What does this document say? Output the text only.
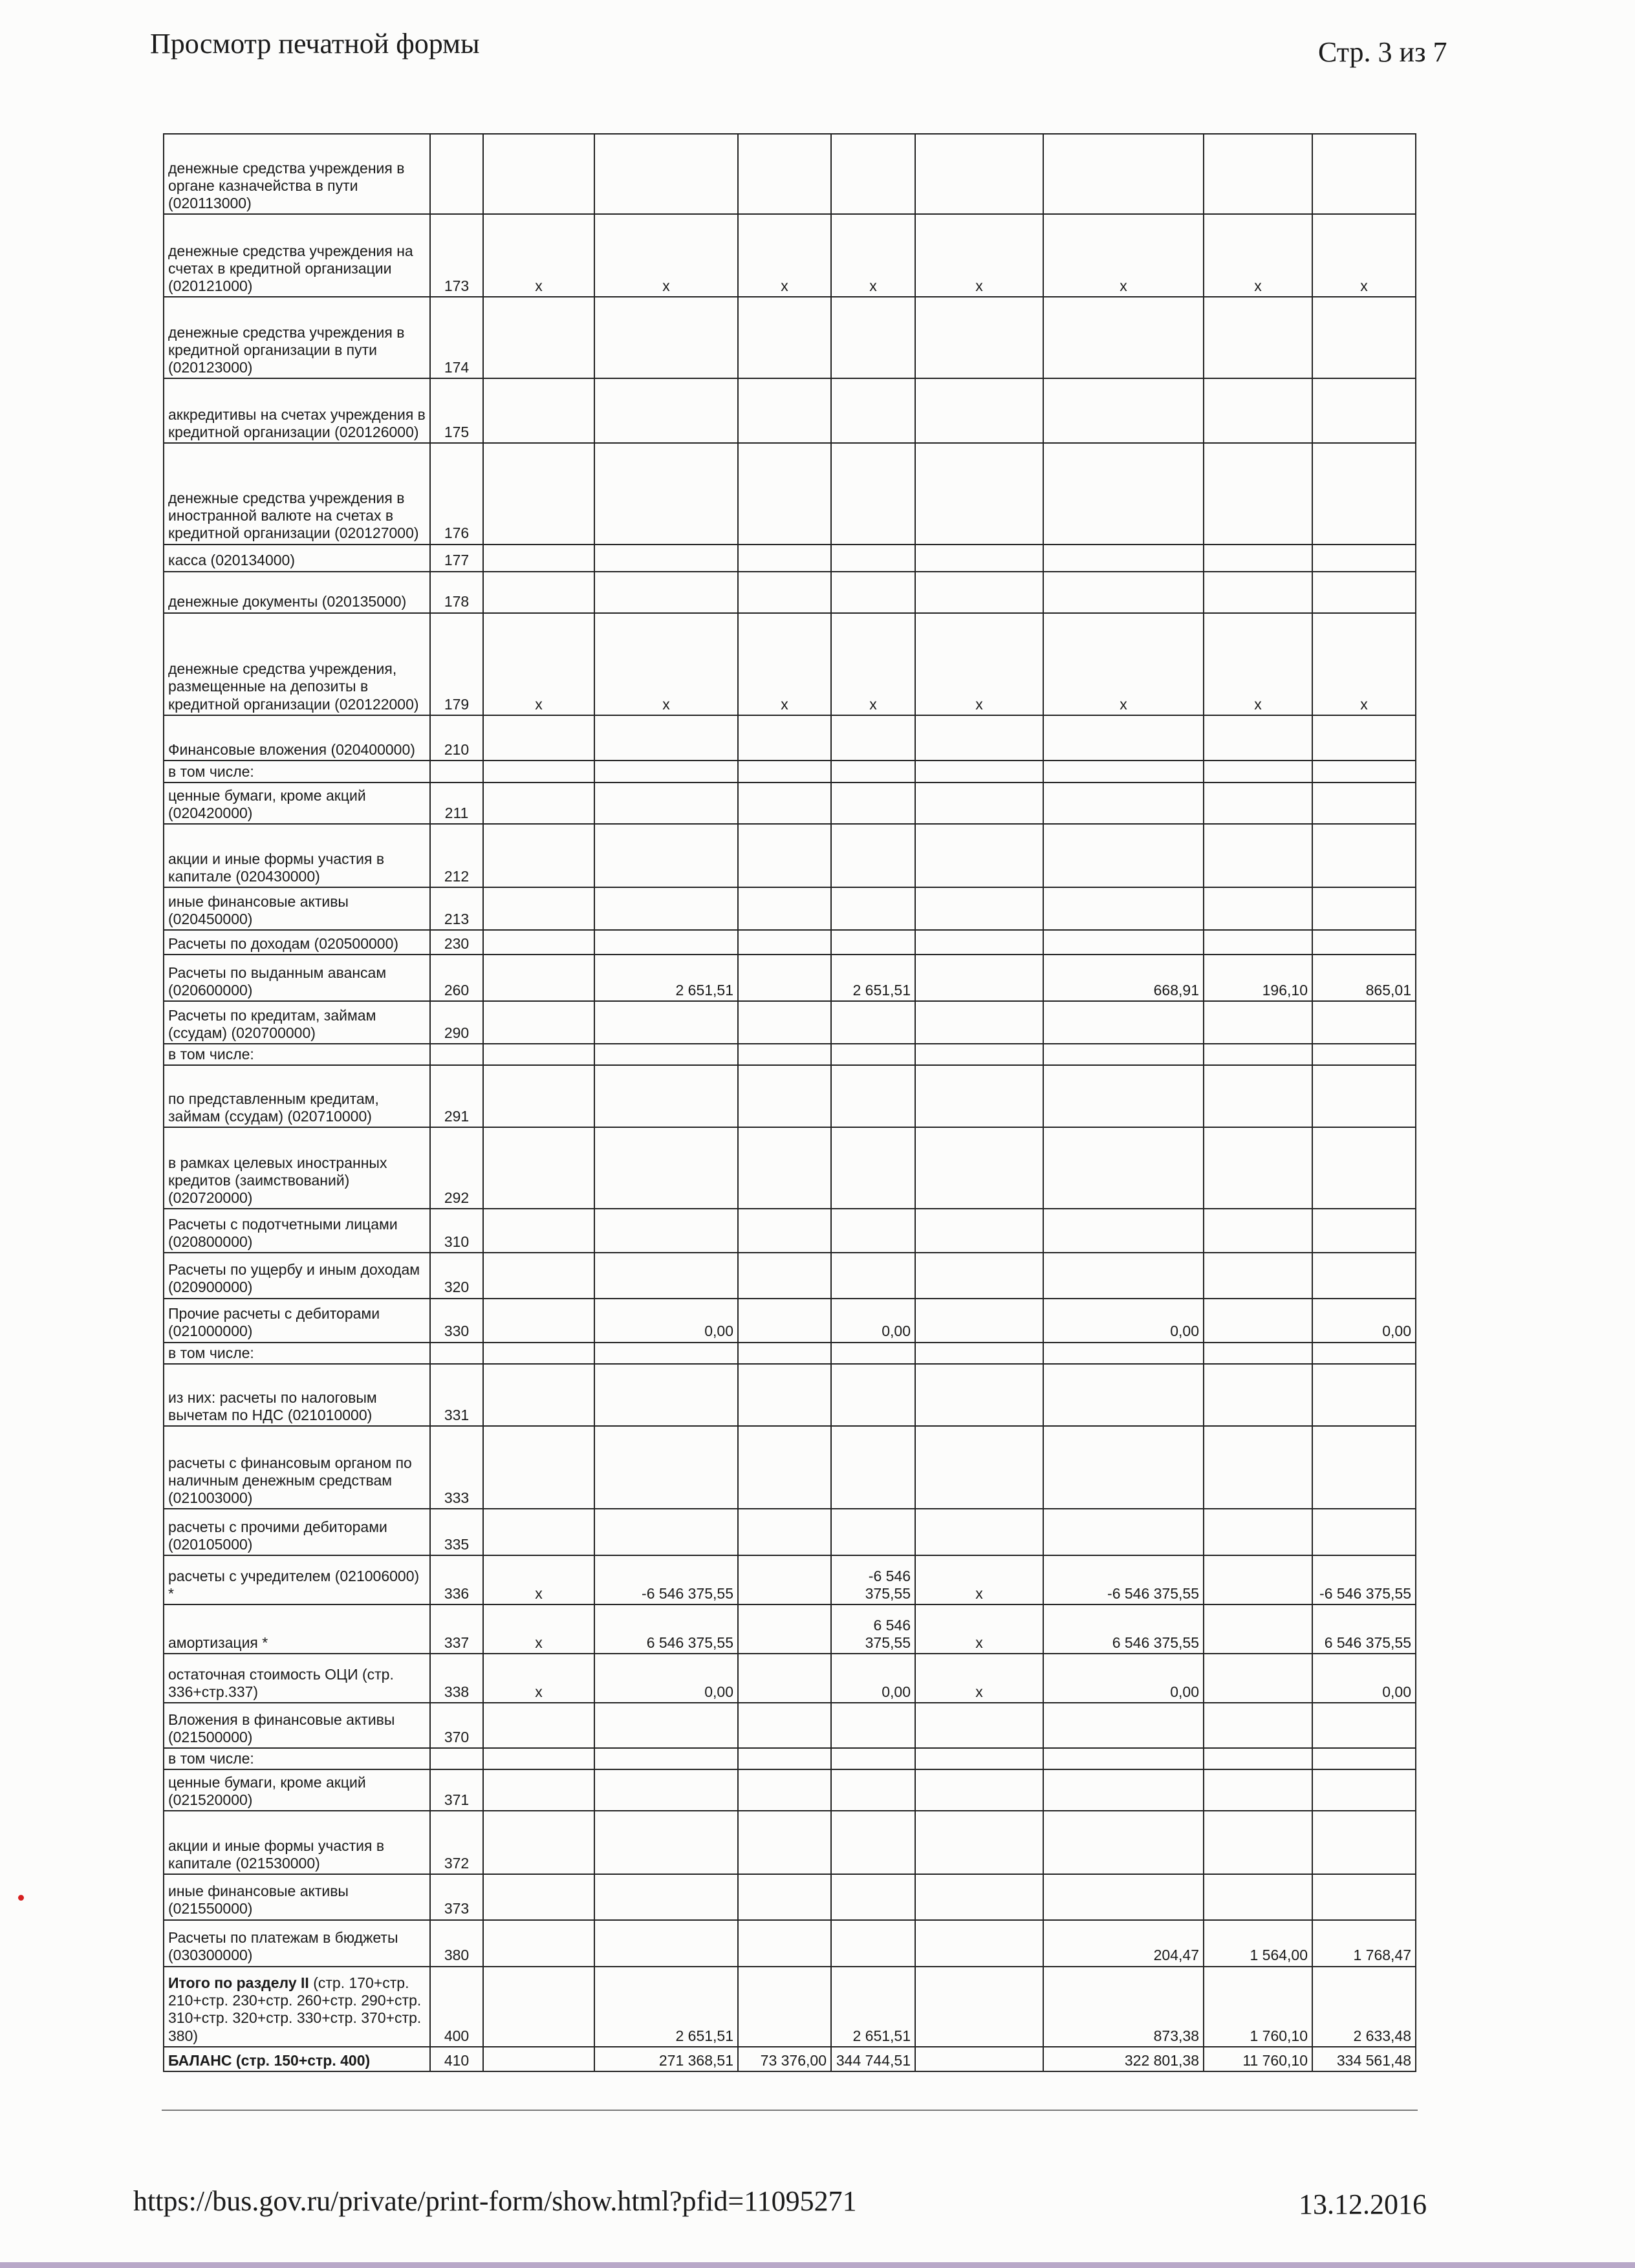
Просмотр печатной формы	Стр. 3 из 7
денежные средства учреждения в органе казначейства в пути (020113000)									
денежные средства учреждения на счетах в кредитной организации (020121000)	173	x	x	x	x	x	x	x	x
денежные средства учреждения в кредитной организации в пути (020123000)	174								
аккредитивы на счетах учреждения в кредитной организации (020126000)	175								
денежные средства учреждения в иностранной валюте на счетах в кредитной организации (020127000)	176								
касса (020134000)	177								
денежные документы (020135000)	178								
денежные средства учреждения, размещенные на депозиты в кредитной организации (020122000)	179	x	x	x	x	x	x	x	x
Финансовые вложения (020400000)	210								
в том числе:									
ценные бумаги, кроме акций (020420000)	211								
акции и иные формы участия в капитале (020430000)	212								
иные финансовые активы (020450000)	213								
Расчеты по доходам (020500000)	230								
Расчеты по выданным авансам (020600000)	260		2 651,51		2 651,51		668,91	196,10	865,01
Расчеты по кредитам, займам (ссудам) (020700000)	290								
в том числе:									
по представленным кредитам, займам (ссудам) (020710000)	291								
в рамках целевых иностранных кредитов (заимствований) (020720000)	292								
Расчеты с подотчетными лицами (020800000)	310								
Расчеты по ущербу и иным доходам (020900000)	320								
Прочие расчеты с дебиторами (021000000)	330		0,00		0,00		0,00		0,00
в том числе:									
из них: расчеты по налоговым вычетам по НДС (021010000)	331								
расчеты с финансовым органом по наличным денежным средствам (021003000)	333								
расчеты с прочими дебиторами (020105000)	335								
расчеты с учредителем (021006000) *	336	x	-6 546 375,55		-6 546 375,55	x	-6 546 375,55		-6 546 375,55
амортизация *	337	x	6 546 375,55		6 546 375,55	x	6 546 375,55		6 546 375,55
остаточная стоимость ОЦИ (стр. 336+стр.337)	338	x	0,00		0,00	x	0,00		0,00
Вложения в финансовые активы (021500000)	370								
в том числе:									
ценные бумаги, кроме акций (021520000)	371								
акции и иные формы участия в капитале (021530000)	372								
иные финансовые активы (021550000)	373								
Расчеты по платежам в бюджеты (030300000)	380						204,47	1 564,00	1 768,47
Итого по разделу II (стр. 170+стр. 210+стр. 230+стр. 260+стр. 290+стр. 310+стр. 320+стр. 330+стр. 370+стр. 380)	400		2 651,51		2 651,51		873,38	1 760,10	2 633,48
БАЛАНС (стр. 150+стр. 400)	410		271 368,51	73 376,00	344 744,51		322 801,38	11 760,10	334 561,48
https://bus.gov.ru/private/print-form/show.html?pfid=11095271	13.12.2016
